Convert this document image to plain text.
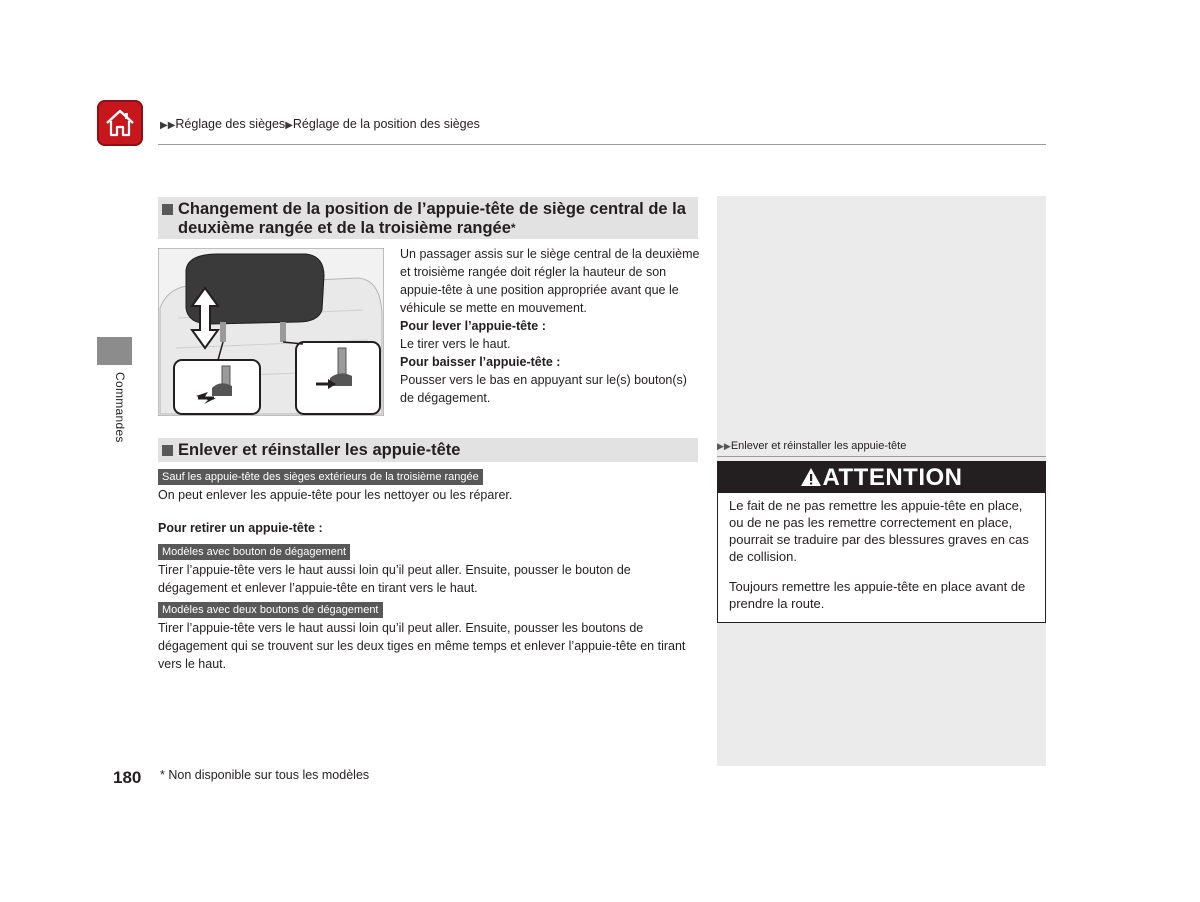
▶▶Réglage des sièges▶Réglage de la position des sièges
Commandes
Changement de la position de l’appuie-tête de siège central de la deuxième rangée et de la troisième rangée*
Un passager assis sur le siège central de la deuxième et troisième rangée doit régler la hauteur de son appuie-tête à une position appropriée avant que le véhicule se mette en mouvement.
Pour lever l’appuie-tête :
Le tirer vers le haut.
Pour baisser l’appuie-tête :
Pousser vers le bas en appuyant sur le(s) bouton(s) de dégagement.
Enlever et réinstaller les appuie-tête
Sauf les appuie-tête des sièges extérieurs de la troisième rangée
On peut enlever les appuie-tête pour les nettoyer ou les réparer.
Pour retirer un appuie-tête :
Modèles avec bouton de dégagement
Tirer l’appuie-tête vers le haut aussi loin qu’il peut aller. Ensuite, pousser le bouton de dégagement et enlever l’appuie-tête en tirant vers le haut.
Modèles avec deux boutons de dégagement
Tirer l’appuie-tête vers le haut aussi loin qu’il peut aller. Ensuite, pousser les boutons de dégagement qui se trouvent sur les deux tiges en même temps et enlever l’appuie-tête en tirant vers le haut.
▶▶Enlever et réinstaller les appuie-tête
ATTENTION

Le fait de ne pas remettre les appuie-tête en place, ou de ne pas les remettre correctement en place, pourrait se traduire par des blessures graves en cas de collision.

Toujours remettre les appuie-tête en place avant de prendre la route.

180 * Non disponible sur tous les modèles
